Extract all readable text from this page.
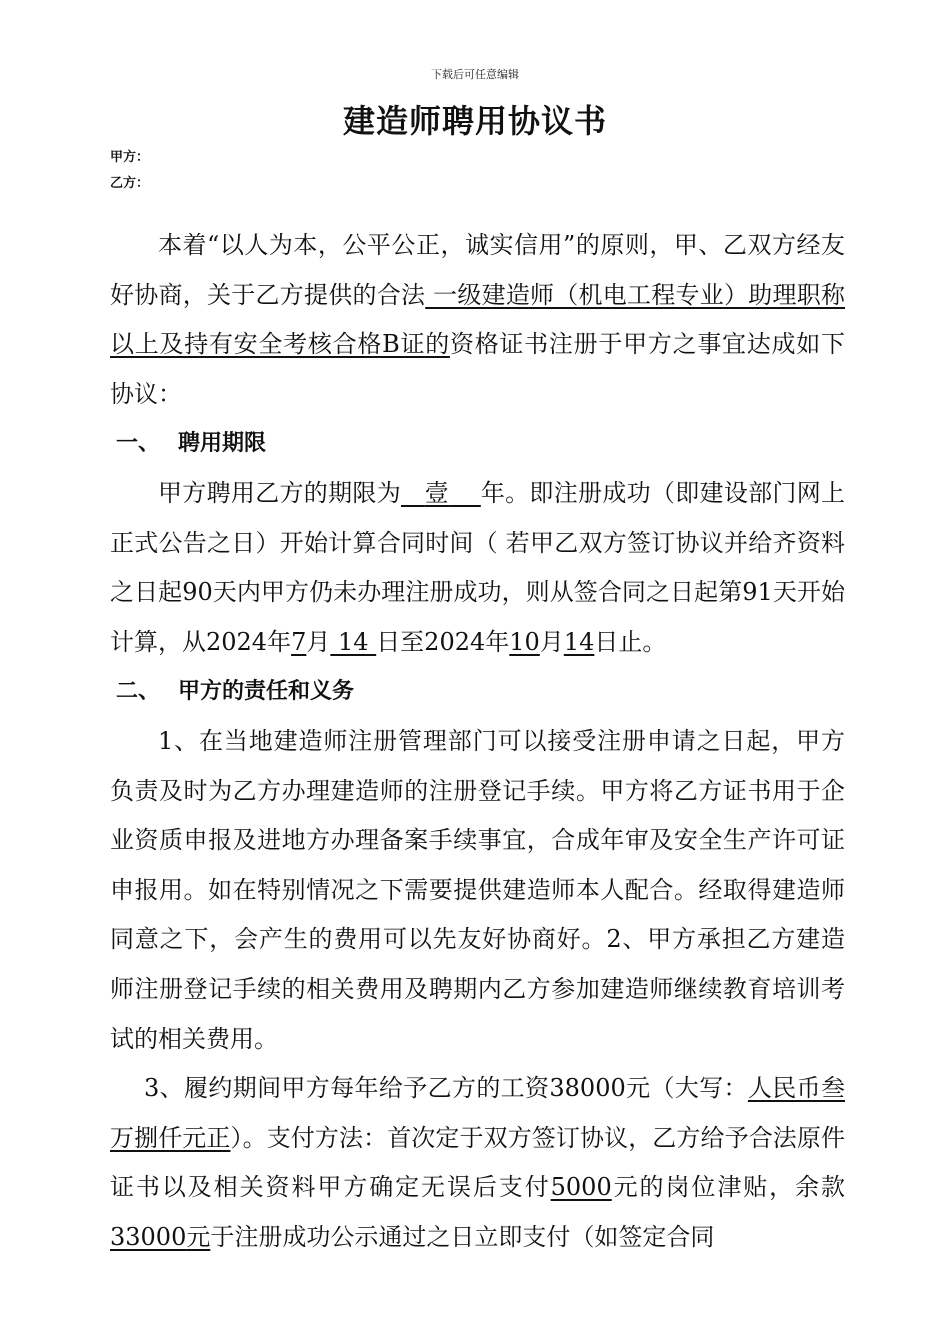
下载后可任意编辑
建造师聘用协议书
甲方：
乙方：

本着“以人为本，公平公正，诚实信用”的原则，甲、乙双方经友好协商，关于乙方提供的合法 一级建造师（机电工程专业）助理职称以上及持有安全考核合格B证的资格证书注册于甲方之事宜达成如下协议：

一、 聘用期限

甲方聘用乙方的期限为 壹 年。即注册成功（即建设部门网上正式公告之日）开始计算合同时间（ 若甲乙双方签订协议并给齐资料之日起90天内甲方仍未办理注册成功，则从签合同之日起第91天开始计算，从2024年7月 14 日至2024年10月14日止。

二、 甲方的责任和义务

1、在当地建造师注册管理部门可以接受注册申请之日起，甲方负责及时为乙方办理建造师的注册登记手续。甲方将乙方证书用于企业资质申报及进地方办理备案手续事宜，合成年审及安全生产许可证申报用。如在特别情况之下需要提供建造师本人配合。经取得建造师同意之下，会产生的费用可以先友好协商好。2、甲方承担乙方建造师注册登记手续的相关费用及聘期内乙方参加建造师继续教育培训考试的相关费用。

3、履约期间甲方每年给予乙方的工资38000元（大写：人民币叁万捌仟元正）。支付方法：首次定于双方签订协议，乙方给予合法原件证书以及相关资料甲方确定无误后支付5000元的岗位津贴，余款33000元于注册成功公示通过之日立即支付（如签定合同
